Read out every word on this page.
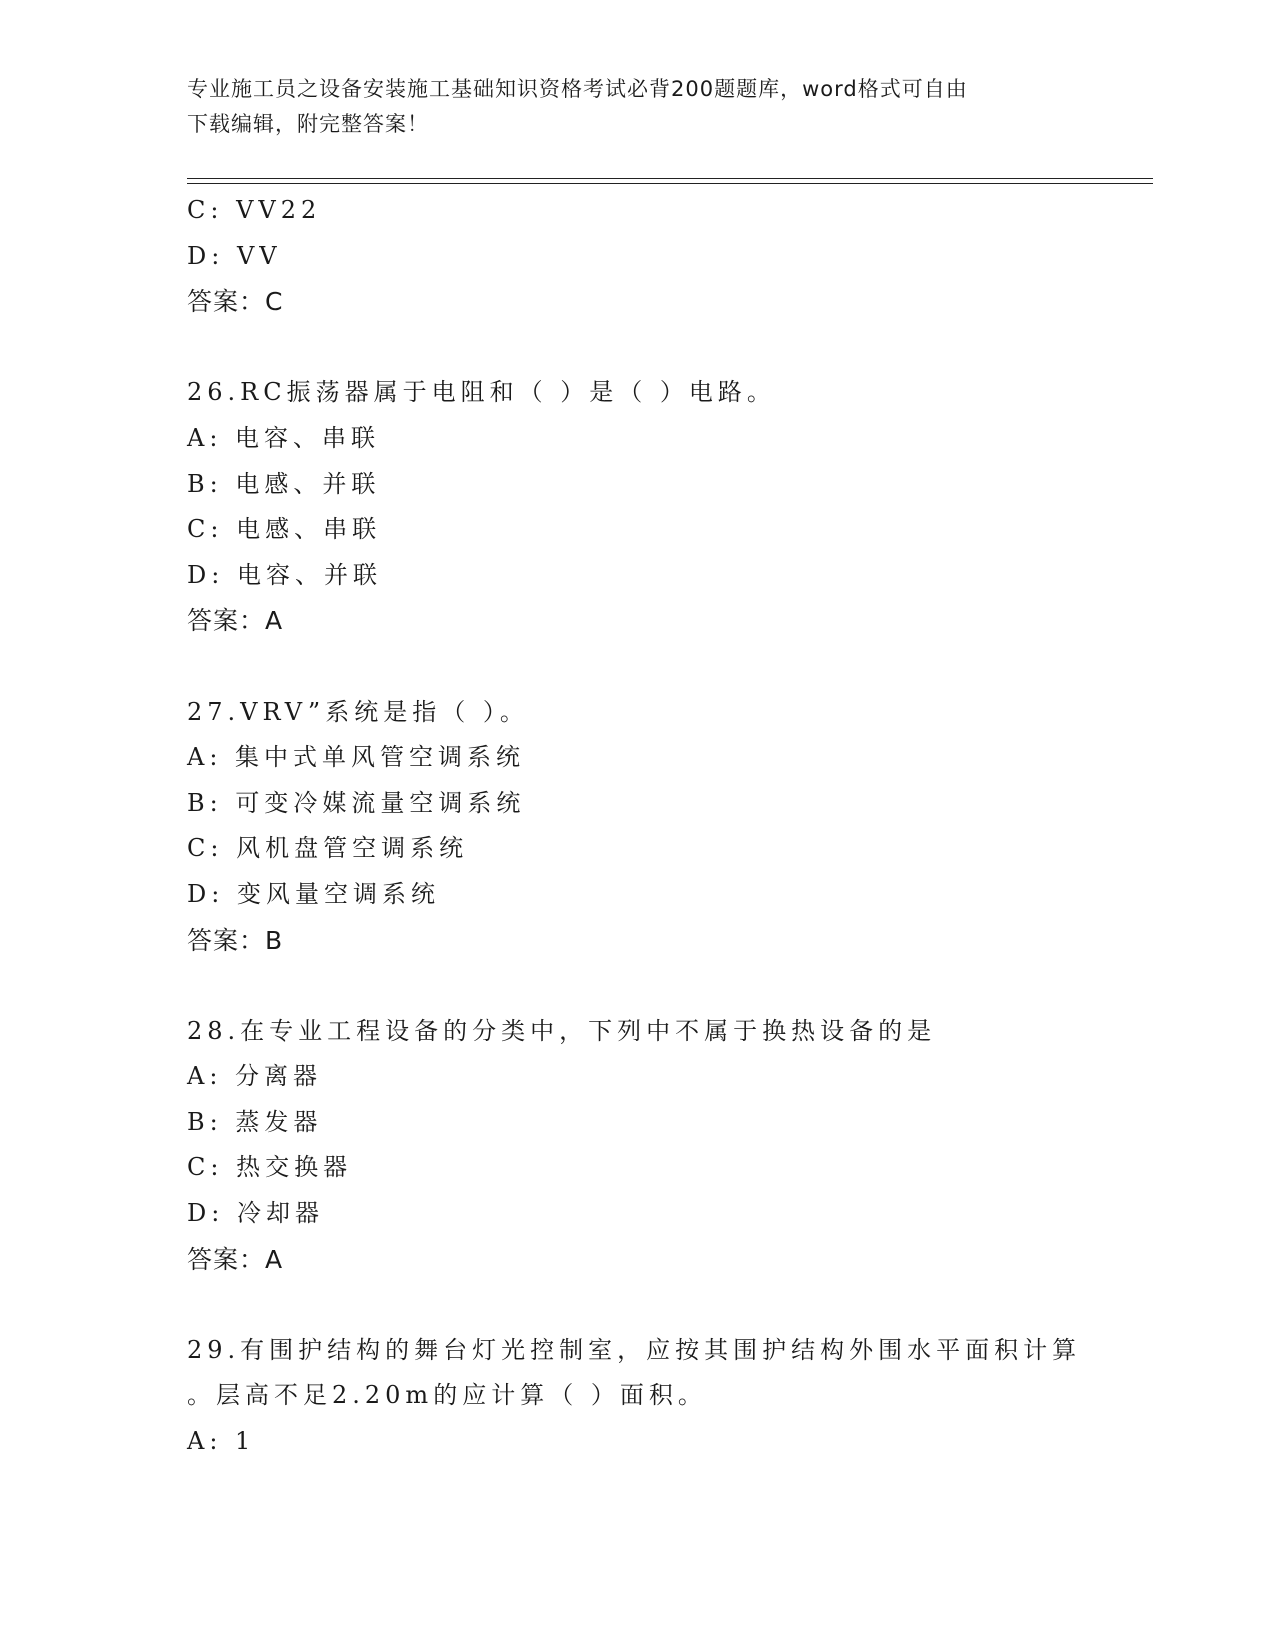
专业施工员之设备安装施工基础知识资格考试必背200题题库，word格式可自由
下载编辑，附完整答案！
C: VV22
D: VV
答案：C
26.RC振荡器属于电阻和（ ）是（ ）电路。
A: 电容、串联
B: 电感、并联
C: 电感、串联
D: 电容、并联
答案：A
27.VRV”系统是指（ ）。
A: 集中式单风管空调系统
B: 可变冷媒流量空调系统
C: 风机盘管空调系统
D: 变风量空调系统
答案：B
28.在专业工程设备的分类中，下列中不属于换热设备的是
A: 分离器
B: 蒸发器
C: 热交换器
D: 冷却器
答案：A
29.有围护结构的舞台灯光控制室，应按其围护结构外围水平面积计算
。层高不足2.20m的应计算（ ）面积。
A: 1
